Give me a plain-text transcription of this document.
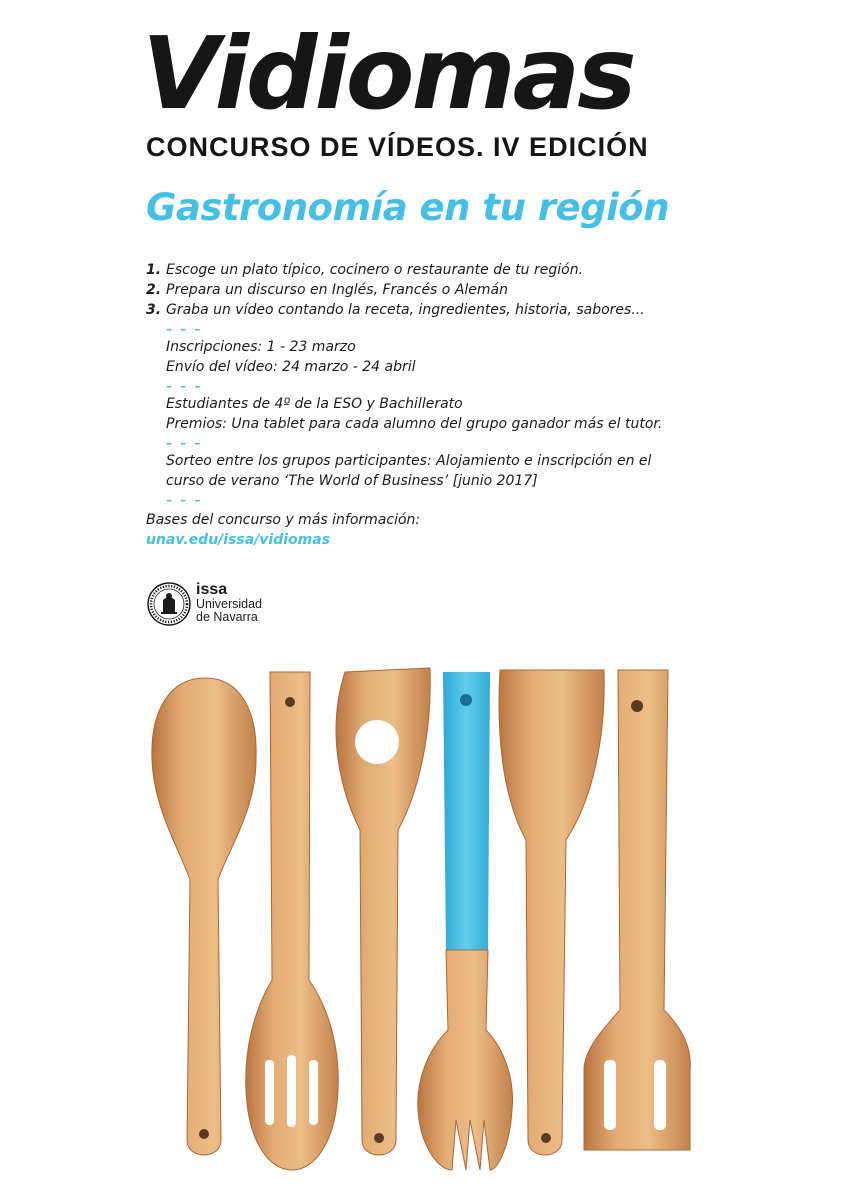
Vidiomas
CONCURSO DE VÍDEOS. IV EDICIÓN
Gastronomía en tu región
1. Escoge un plato típico, cocinero o restaurante de tu región.
2. Prepara un discurso en Inglés, Francés o Alemán
3. Graba un vídeo contando la receta, ingredientes, historia, sabores...
– – –

Inscripciones: 1 - 23 marzo

Envío del vídeo: 24 marzo - 24 abril

– – –

Estudiantes de 4º de la ESO y Bachillerato

Premios: Una tablet para cada alumno del grupo ganador más el tutor.

– – –

Sorteo entre los grupos participantes: Alojamiento e inscripción en el

curso de verano ‘The World of Business’ [junio 2017]

– – –

Bases del concurso y más información:

unav.edu/issa/vidiomas

issa
Universidad
de Navarra
